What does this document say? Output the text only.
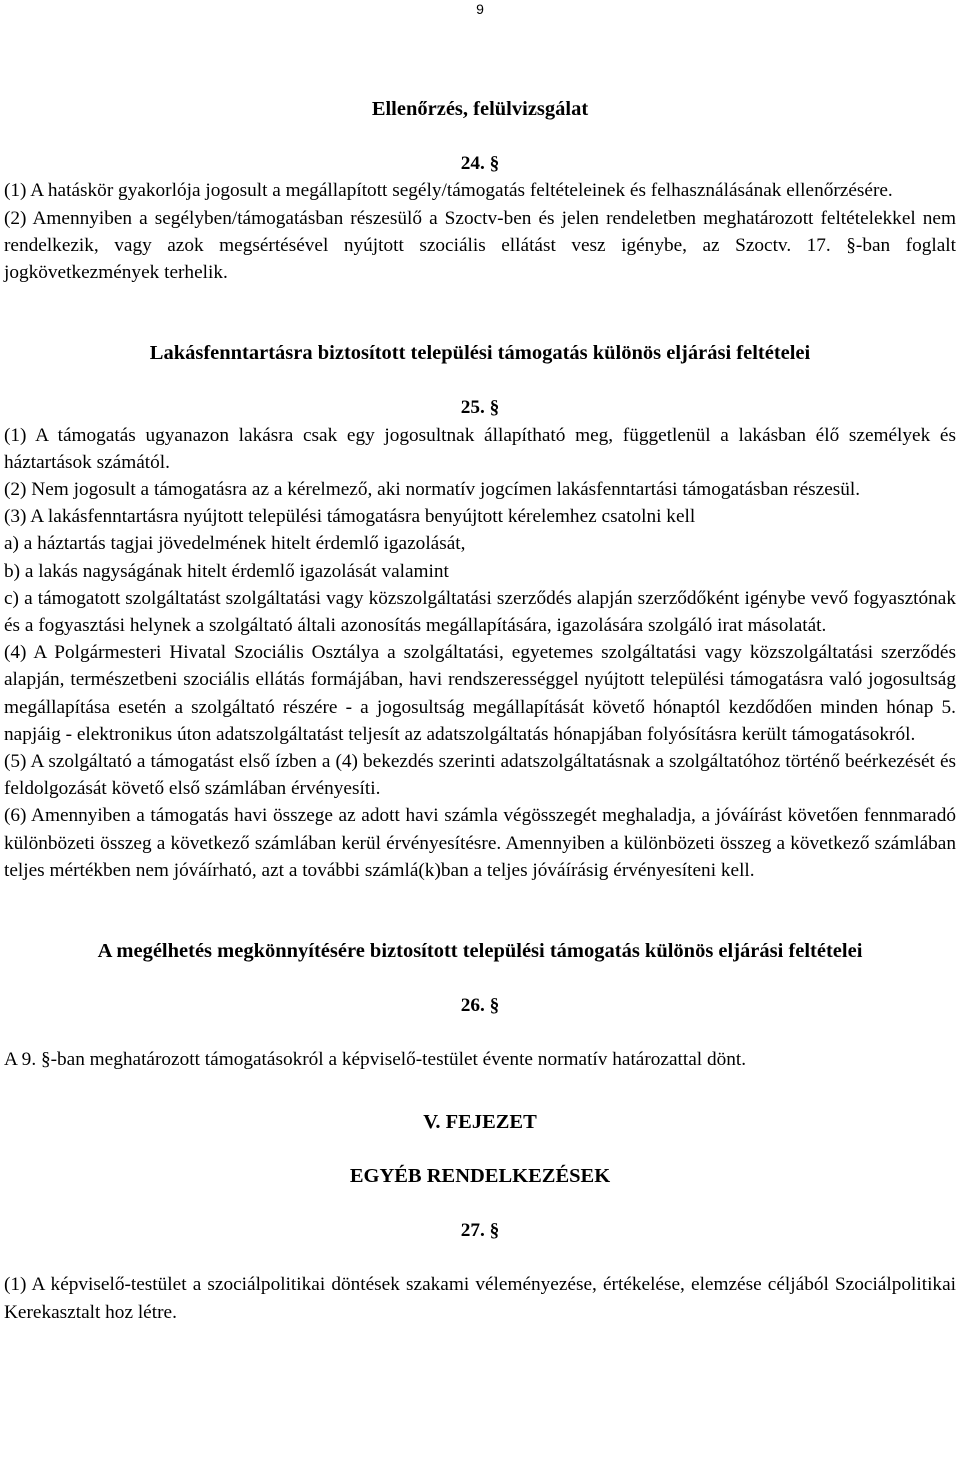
9

Ellenőrzés, felülvizsgálat

24. §

(1) A hatáskör gyakorlója jogosult a megállapított segély/támogatás feltételeinek és felhasználásának ellenőrzésére.

(2) Amennyiben a segélyben/támogatásban részesülő a Szoctv-ben és jelen rendeletben meghatározott feltételekkel nem rendelkezik, vagy azok megsértésével nyújtott szociális ellátást vesz igénybe, az Szoctv. 17. §-ban foglalt jogkövetkezmények terhelik.

Lakásfenntartásra biztosított települési támogatás különös eljárási feltételei

25. §

(1) A támogatás ugyanazon lakásra csak egy jogosultnak állapítható meg, függetlenül a lakásban élő személyek és háztartások számától.

(2) Nem jogosult a támogatásra az a kérelmező, aki normatív jogcímen lakásfenntartási támogatásban részesül.

(3) A lakásfenntartásra nyújtott települési támogatásra benyújtott kérelemhez csatolni kell

a) a háztartás tagjai jövedelmének hitelt érdemlő igazolását,

b) a lakás nagyságának hitelt érdemlő igazolását valamint

c) a támogatott szolgáltatást szolgáltatási vagy közszolgáltatási szerződés alapján szerződőként igénybe vevő fogyasztónak és a fogyasztási helynek a szolgáltató általi azonosítás megállapítására, igazolására szolgáló irat másolatát.

(4) A Polgármesteri Hivatal Szociális Osztálya a szolgáltatási, egyetemes szolgáltatási vagy közszolgáltatási szerződés alapján, természetbeni szociális ellátás formájában, havi rendszerességgel nyújtott települési támogatásra való jogosultság megállapítása esetén a szolgáltató részére - a jogosultság megállapítását követő hónaptól kezdődően minden hónap 5. napjáig - elektronikus úton adatszolgáltatást teljesít az adatszolgáltatás hónapjában folyósításra került támogatásokról.

(5) A szolgáltató a támogatást első ízben a (4) bekezdés szerinti adatszolgáltatásnak a szolgáltatóhoz történő beérkezését és feldolgozását követő első számlában érvényesíti.

(6) Amennyiben a támogatás havi összege az adott havi számla végösszegét meghaladja, a jóváírást követően fennmaradó különbözeti összeg a következő számlában kerül érvényesítésre. Amennyiben a különbözeti összeg a következő számlában teljes mértékben nem jóváírható, azt a további számlá(k)ban a teljes jóváírásig érvényesíteni kell.

A megélhetés megkönnyítésére biztosított települési támogatás különös eljárási feltételei

26. §

A 9. §-ban meghatározott támogatásokról a képviselő-testület évente normatív határozattal dönt.

V. FEJEZET

EGYÉB RENDELKEZÉSEK

27. §

(1) A képviselő-testület a szociálpolitikai döntések szakami véleményezése, értékelése, elemzése céljából Szociálpolitikai Kerekasztalt hoz létre.
